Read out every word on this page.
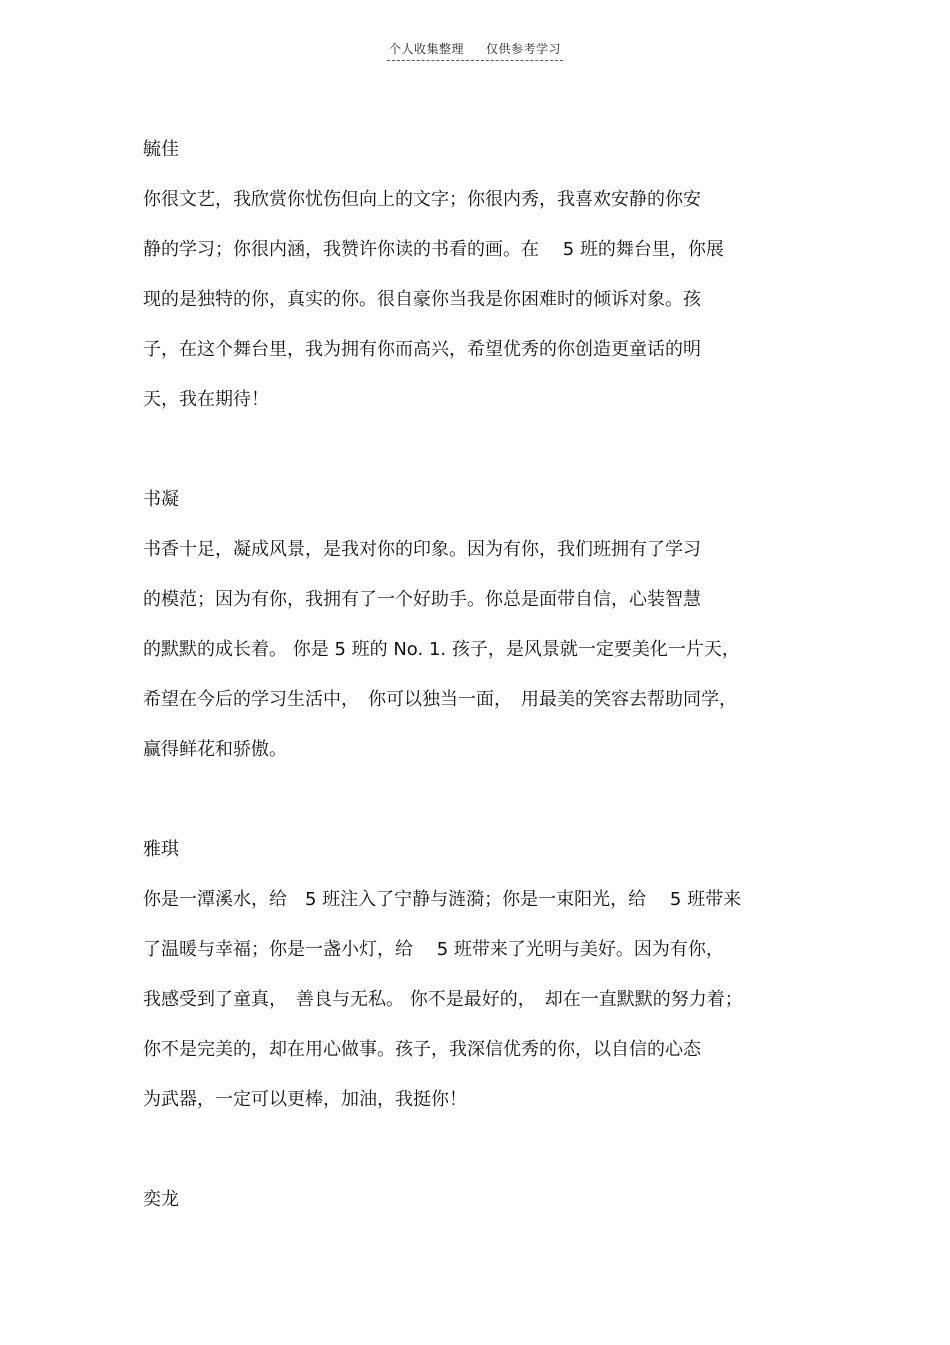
个人收集整理 仅供参考学习
毓佳
你很文艺，我欣赏你忧伤但向上的文字；你很内秀，我喜欢安静的你安
静的学习；你很内涵，我赞许你读的书看的画。在　 5 班的舞台里，你展
现的是独特的你，真实的你。很自豪你当我是你困难时的倾诉对象。孩
子，在这个舞台里，我为拥有你而高兴，希望优秀的你创造更童话的明
天，我在期待！
书凝
书香十足，凝成风景，是我对你的印象。因为有你，我们班拥有了学习
的模范；因为有你，我拥有了一个好助手。你总是面带自信，心装智慧
的默默的成长着。 你是 5 班的 No. 1. 孩子，是风景就一定要美化一片天，
希望在今后的学习生活中，　你可以独当一面，　用最美的笑容去帮助同学，
赢得鲜花和骄傲。
雅琪
你是一潭溪水，给　5 班注入了宁静与涟漪；你是一束阳光，给　 5 班带来
了温暖与幸福；你是一盏小灯，给　 5 班带来了光明与美好。因为有你，
我感受到了童真，　善良与无私。 你不是最好的，　却在一直默默的努力着；
你不是完美的，却在用心做事。孩子，我深信优秀的你，以自信的心态
为武器，一定可以更棒，加油，我挺你！
奕龙
